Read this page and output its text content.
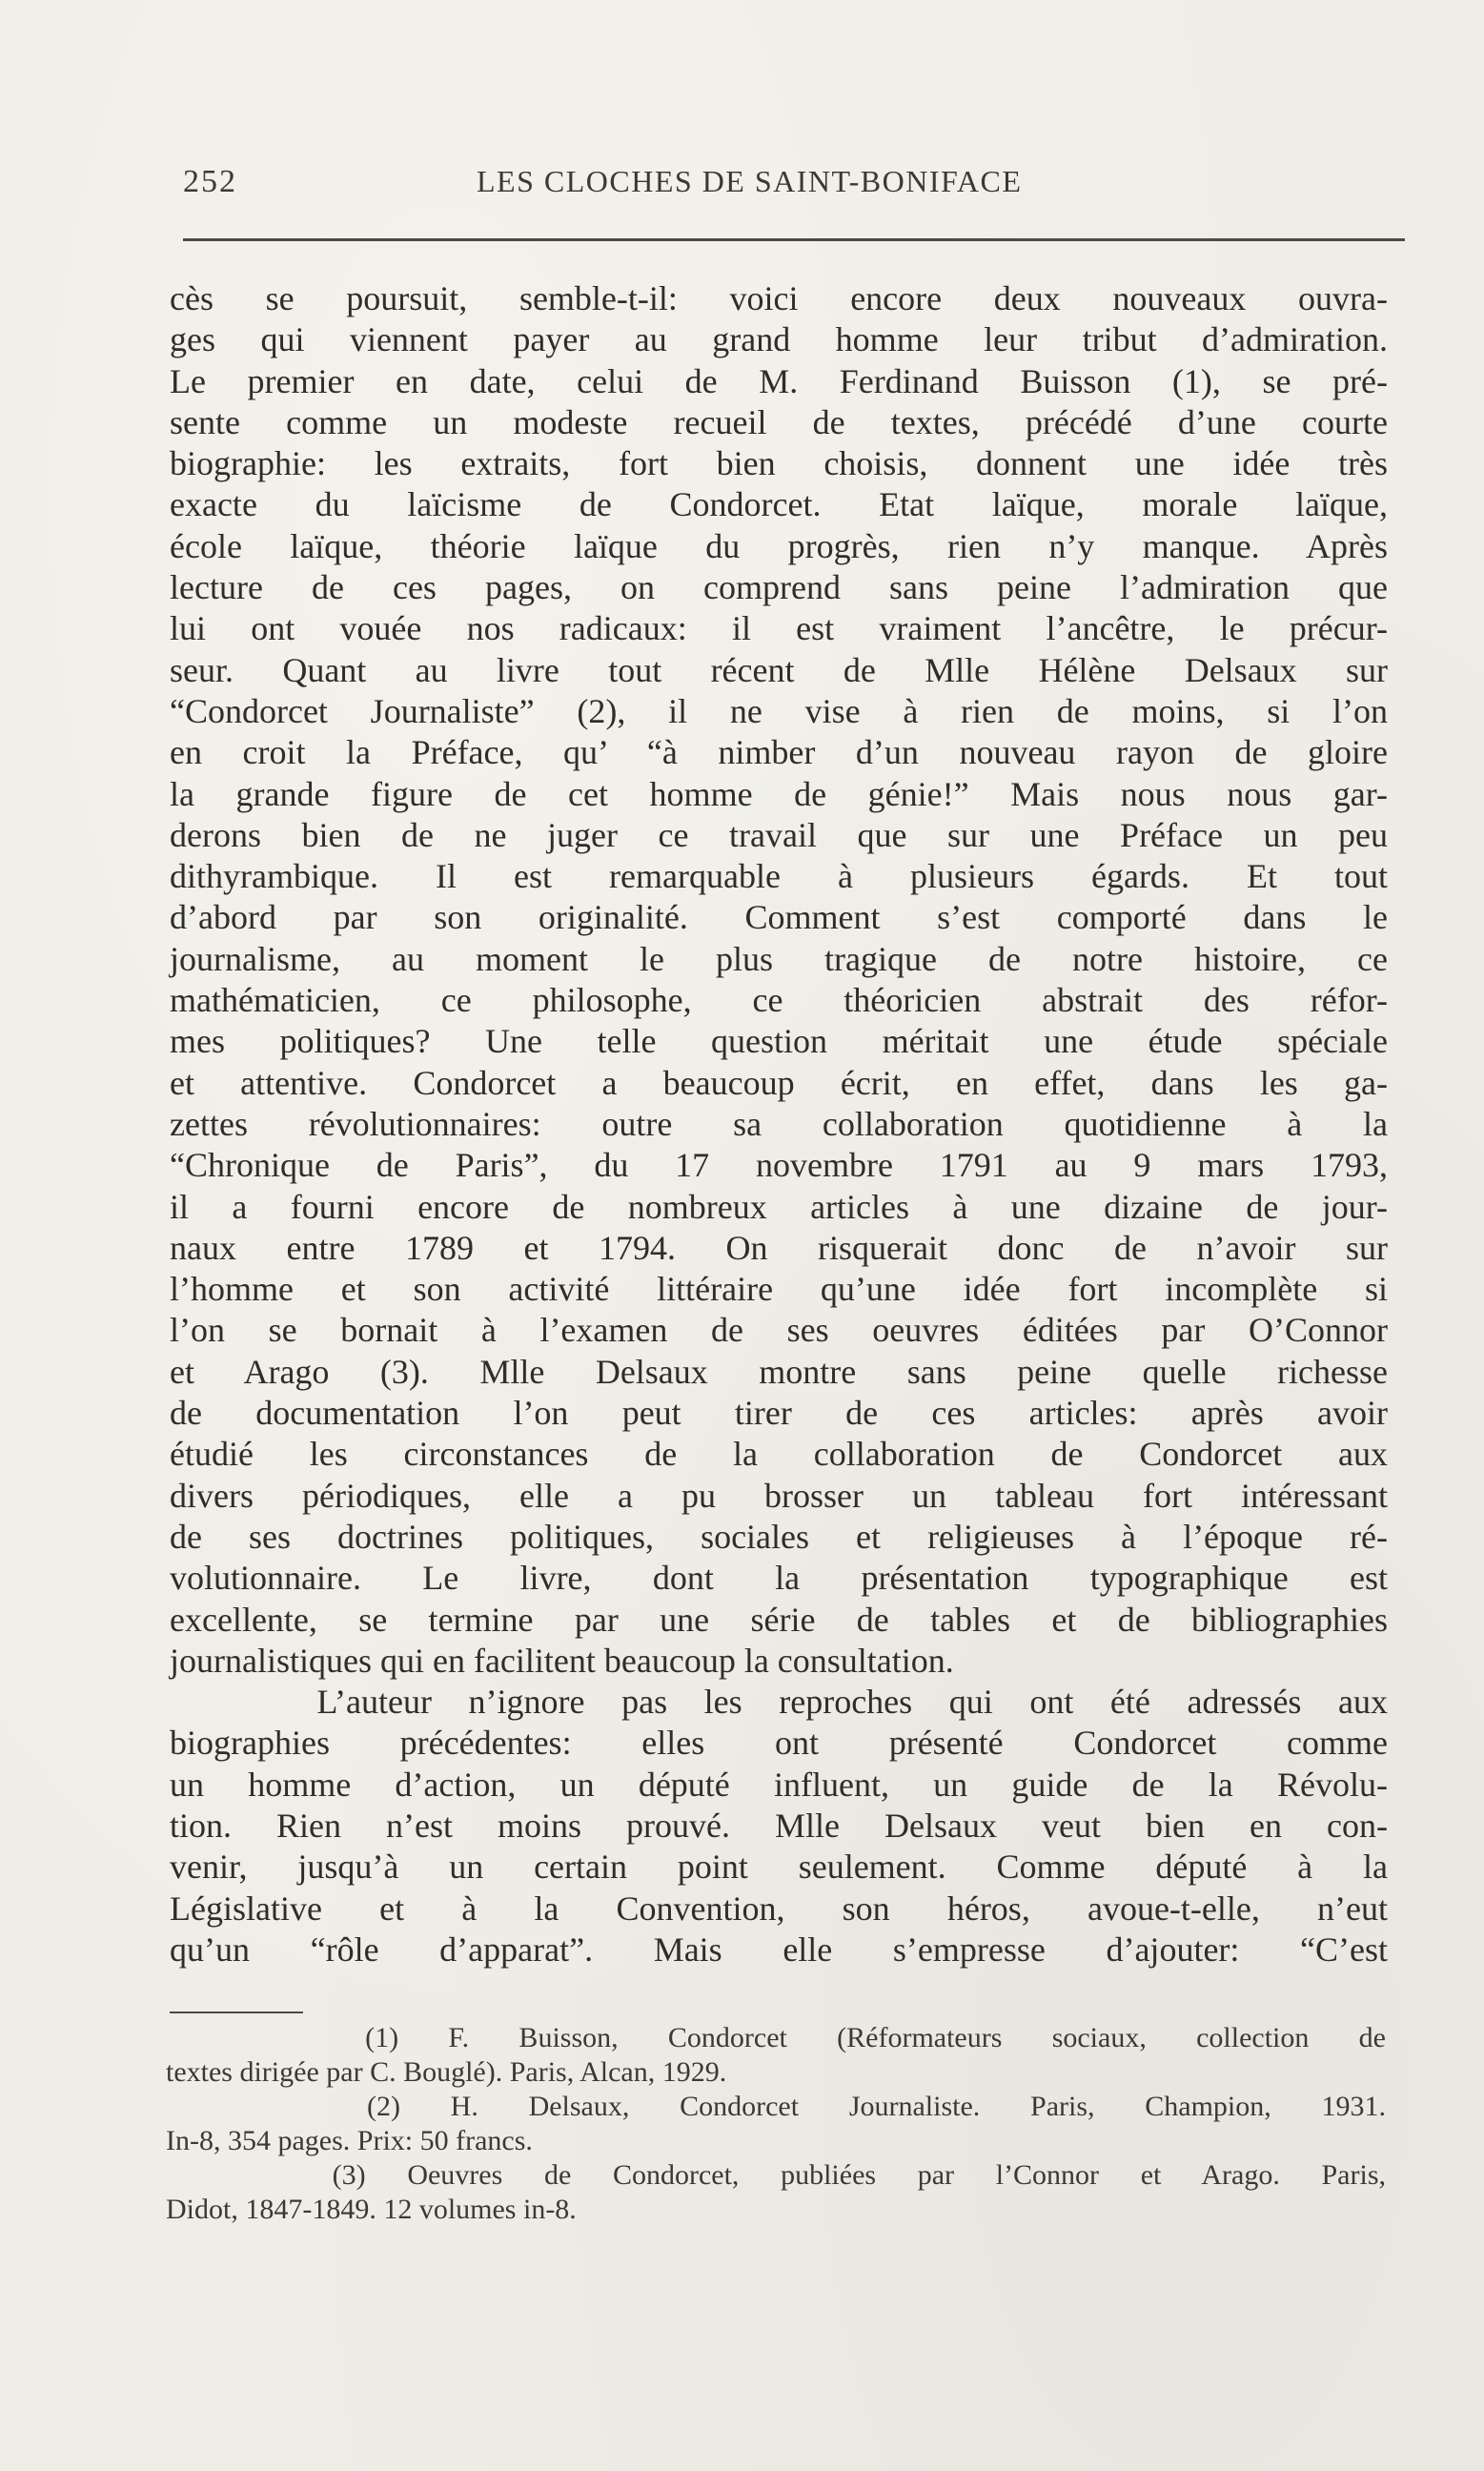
252	LES CLOCHES DE SAINT-BONIFACE
cès se poursuit, semble-t-il: voici encore deux nouveaux ouvra-
ges qui viennent payer au grand homme leur tribut d’admiration.
Le premier en date, celui de M. Ferdinand Buisson (1), se pré-
sente comme un modeste recueil de textes, précédé d’une courte
biographie: les extraits, fort bien choisis, donnent une idée très
exacte du laïcisme de Condorcet. Etat laïque, morale laïque,
école laïque, théorie laïque du progrès, rien n’y manque. Après
lecture de ces pages, on comprend sans peine l’admiration que
lui ont vouée nos radicaux: il est vraiment l’ancêtre, le précur-
seur. Quant au livre tout récent de Mlle Hélène Delsaux sur
“Condorcet Journaliste” (2), il ne vise à rien de moins, si l’on
en croit la Préface, qu’ “à nimber d’un nouveau rayon de gloire
la grande figure de cet homme de génie!” Mais nous nous gar-
derons bien de ne juger ce travail que sur une Préface un peu
dithyrambique. Il est remarquable à plusieurs égards. Et tout
d’abord par son originalité. Comment s’est comporté dans le
journalisme, au moment le plus tragique de notre histoire, ce
mathématicien, ce philosophe, ce théoricien abstrait des réfor-
mes politiques? Une telle question méritait une étude spéciale
et attentive. Condorcet a beaucoup écrit, en effet, dans les ga-
zettes révolutionnaires: outre sa collaboration quotidienne à la
“Chronique de Paris”, du 17 novembre 1791 au 9 mars 1793,
il a fourni encore de nombreux articles à une dizaine de jour-
naux entre 1789 et 1794. On risquerait donc de n’avoir sur
l’homme et son activité littéraire qu’une idée fort incomplète si
l’on se bornait à l’examen de ses oeuvres éditées par O’Connor
et Arago (3). Mlle Delsaux montre sans peine quelle richesse
de documentation l’on peut tirer de ces articles: après avoir
étudié les circonstances de la collaboration de Condorcet aux
divers périodiques, elle a pu brosser un tableau fort intéressant
de ses doctrines politiques, sociales et religieuses à l’époque ré-
volutionnaire. Le livre, dont la présentation typographique est
excellente, se termine par une série de tables et de bibliographies
journalistiques qui en facilitent beaucoup la consultation.
L’auteur n’ignore pas les reproches qui ont été adressés aux
biographies précédentes: elles ont présenté Condorcet comme
un homme d’action, un député influent, un guide de la Révolu-
tion. Rien n’est moins prouvé. Mlle Delsaux veut bien en con-
venir, jusqu’à un certain point seulement. Comme député à la
Législative et à la Convention, son héros, avoue-t-elle, n’eut
qu’un “rôle d’apparat”. Mais elle s’empresse d’ajouter: “C’est
(1) F. Buisson, Condorcet (Réformateurs sociaux, collection de
textes dirigée par C. Bouglé). Paris, Alcan, 1929.
(2) H. Delsaux, Condorcet Journaliste. Paris, Champion, 1931.
In-8, 354 pages. Prix: 50 francs.
(3) Oeuvres de Condorcet, publiées par l’Connor et Arago. Paris,
Didot, 1847-1849. 12 volumes in-8.
